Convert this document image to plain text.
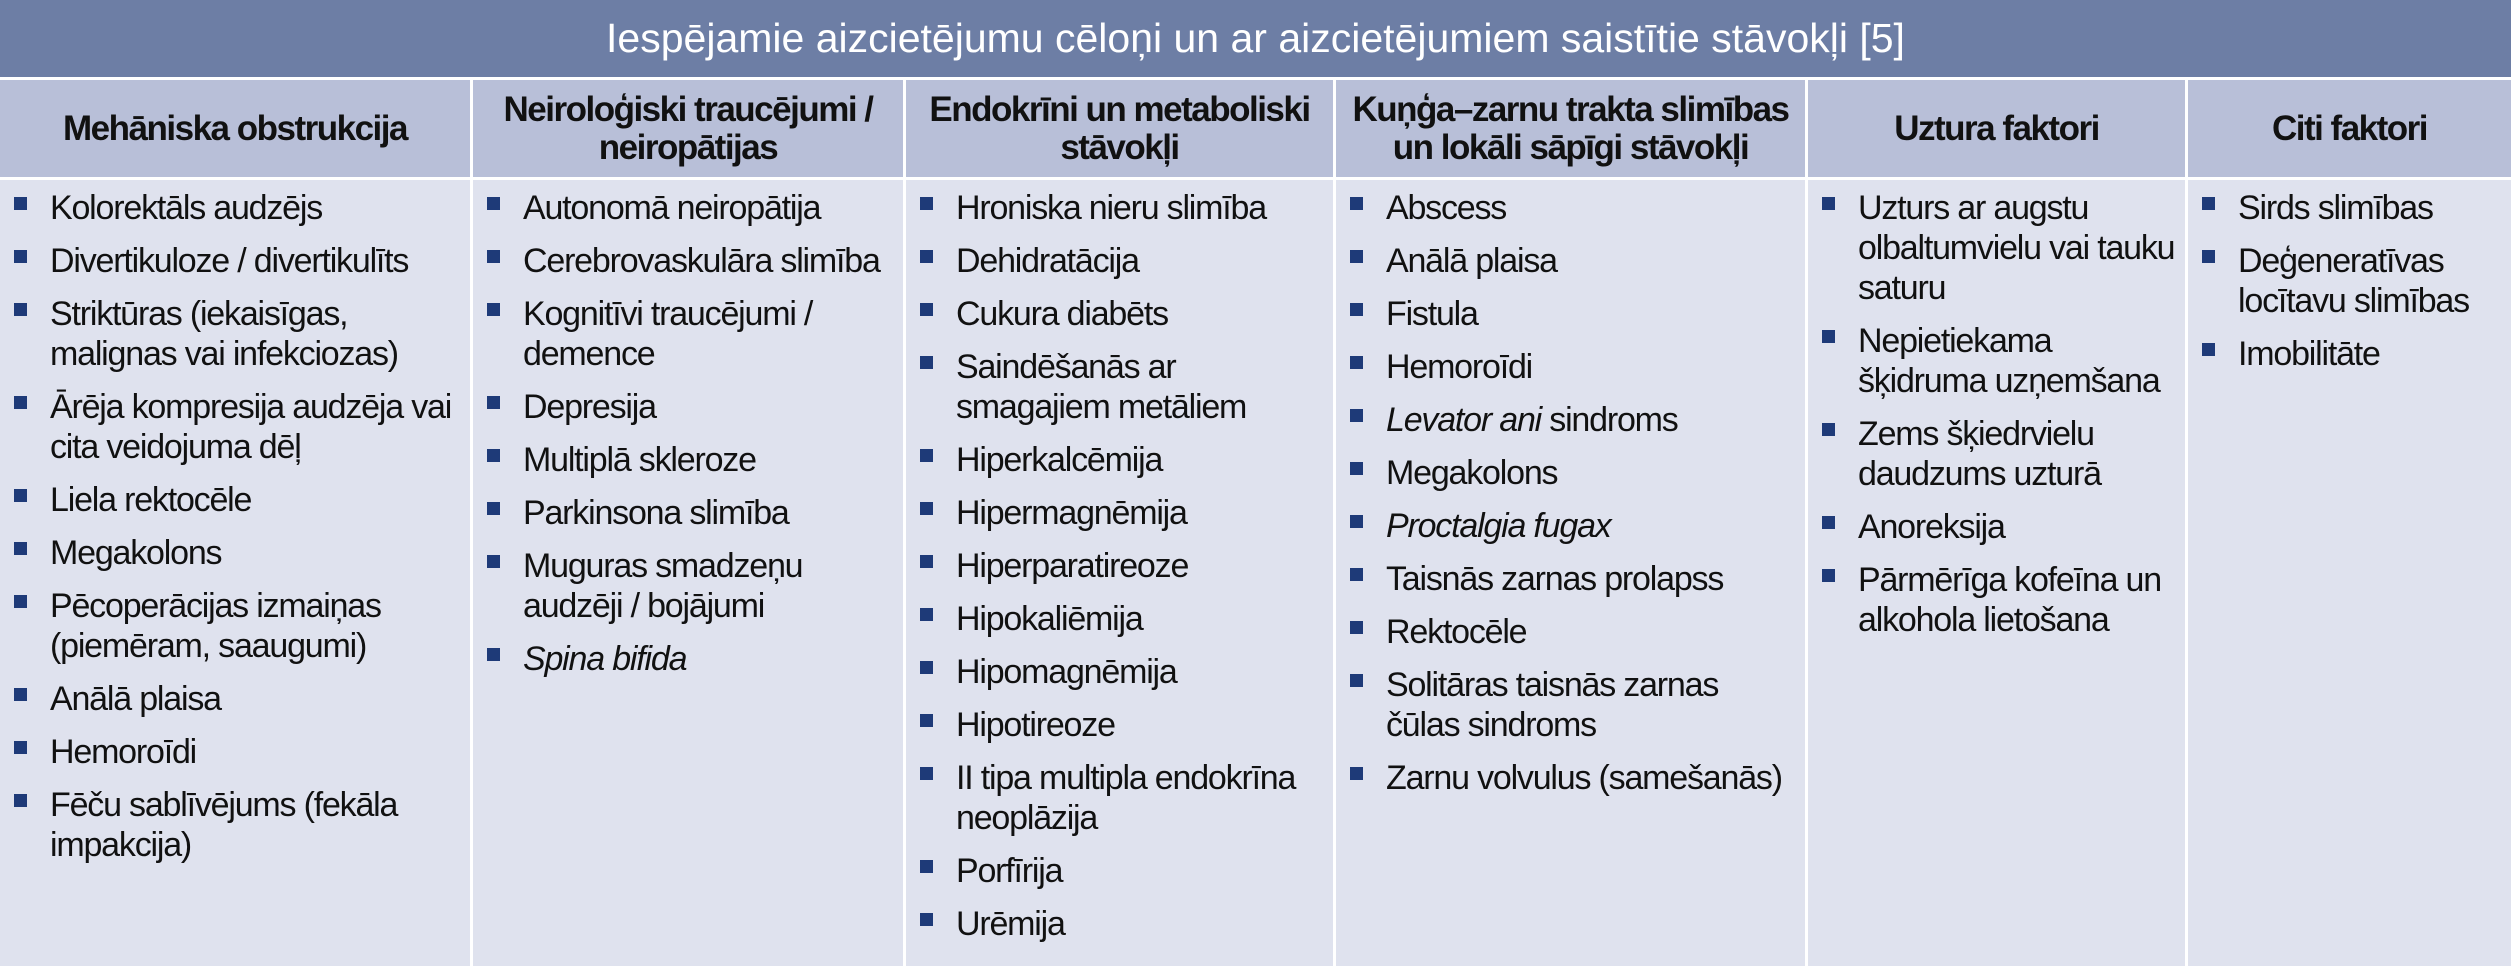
Iespējamie aizcietējumu cēloņi un ar aizcietējumiem saistītie stāvokļi [5]
Mehāniska obstrukcija
Kolorektāls audzējs
Divertikuloze / divertikulīts
Striktūras (iekaisīgas, malignas vai infekciozas)
Ārēja kompresija audzēja vai cita veidojuma dēļ
Liela rektocēle
Megakolons
Pēcoperācijas izmaiņas (piemēram, saaugumi)
Anālā plaisa
Hemoroīdi
Fēču sablīvējums (fekāla impakcija)
Neiroloģiski traucējumi / neiropātijas
Autonomā neiropātija
Cerebrovaskulāra slimība
Kognitīvi traucējumi / demence
Depresija
Multiplā skleroze
Parkinsona slimība
Muguras smadzeņu audzēji / bojājumi
Spina bifida
Endokrīni un metaboliski stāvokļi
Hroniska nieru slimība
Dehidratācija
Cukura diabēts
Saindēšanās ar smagajiem metāliem
Hiperkalcēmija
Hipermagnēmija
Hiperparatireoze
Hipokaliēmija
Hipomagnēmija
Hipotireoze
II tipa multipla endokrīna neoplāzija
Porfīrija
Urēmija
Kuņģa–zarnu trakta slimības un lokāli sāpīgi stāvokļi
Abscess
Anālā plaisa
Fistula
Hemoroīdi
Levator ani sindroms
Megakolons
Proctalgia fugax
Taisnās zarnas prolapss
Rektocēle
Solitāras taisnās zarnas čūlas sindroms
Zarnu volvulus (samešanās)
Uztura faktori
Uzturs ar augstu olbaltumvielu vai tauku saturu
Nepietiekama šķidruma uzņemšana
Zems šķiedrvielu daudzums uzturā
Anoreksija
Pārmērīga kofeīna un alkohola lietošana
Citi faktori
Sirds slimības
Deģeneratīvas locītavu slimības
Imobilitāte
